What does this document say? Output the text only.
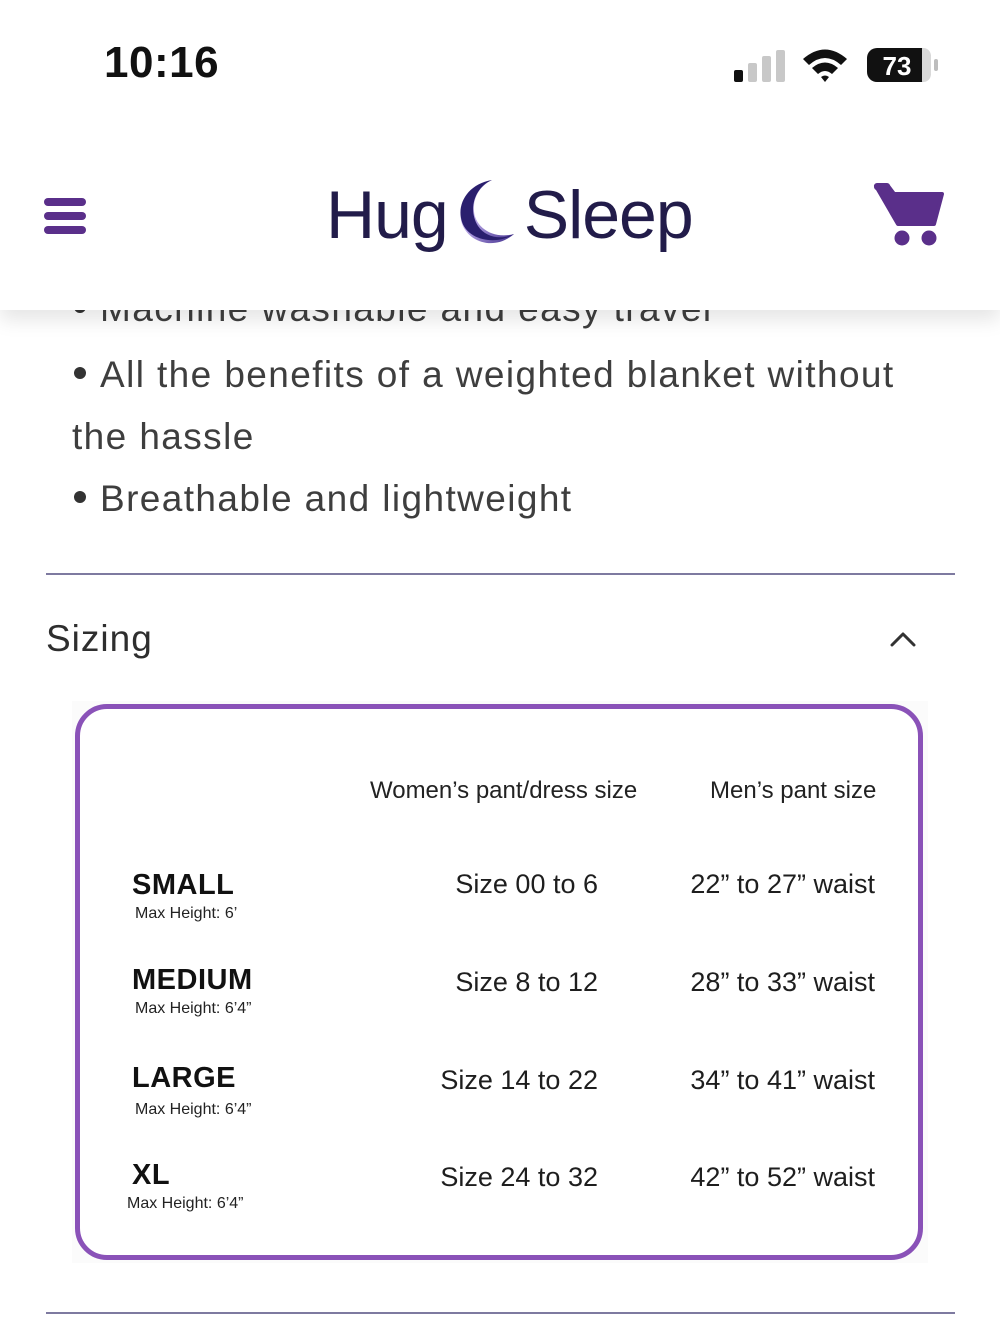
All the benefits of a weighted blanket without the hassle
Breathable and lightweight
Sizing
Women’s pant/dress size	Men’s pant size
SMALL
Max Height: 6’
Size 00 to 6	22” to 27” waist
MEDIUM
Max Height: 6’4”
Size 8 to 12	28” to 33” waist
LARGE
Max Height: 6’4”
Size 14 to 22	34” to 41” waist
XL
Max Height: 6’4”
Size 24 to 32	42” to 52” waist
Hug Sleep
10:16	73
